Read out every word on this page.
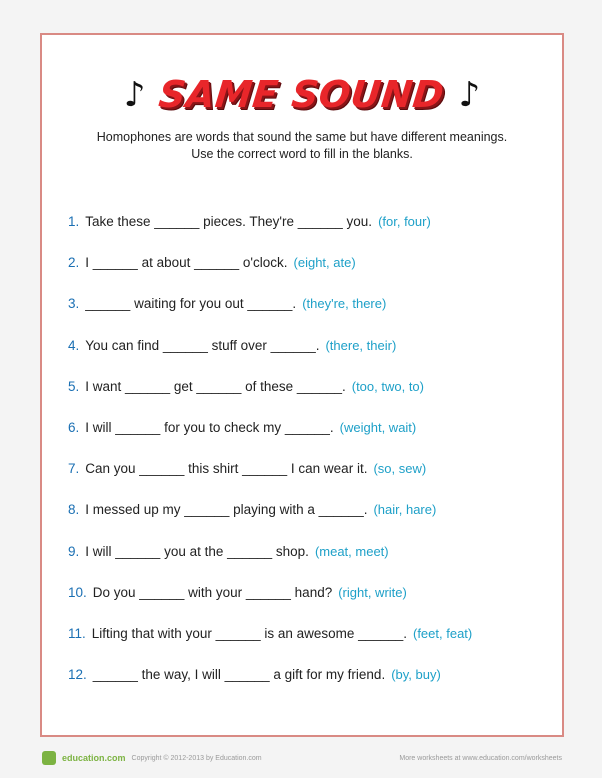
♪ SAME SOUND ♪
Homophones are words that sound the same but have different meanings.
Use the correct word to fill in the blanks.
1. Take these ______ pieces. They're ______ you. (for, four)
2. I ______ at about ______ o'clock. (eight, ate)
3. ______ waiting for you out ______. (they're, there)
4. You can find ______ stuff over ______. (there, their)
5. I want ______ get ______ of these ______. (too, two, to)
6. I will ______ for you to check my ______. (weight, wait)
7. Can you ______ this shirt ______ I can wear it. (so, sew)
8. I messed up my ______ playing with a ______. (hair, hare)
9. I will ______ you at the ______ shop. (meat, meet)
10. Do you ______ with your ______ hand? (right, write)
11. Lifting that with your ______ is an awesome ______. (feet, feat)
12. ______ the way, I will ______ a gift for my friend. (by, buy)
education.com Copyright © 2012-2013 by Education.com	More worksheets at www.education.com/worksheets
